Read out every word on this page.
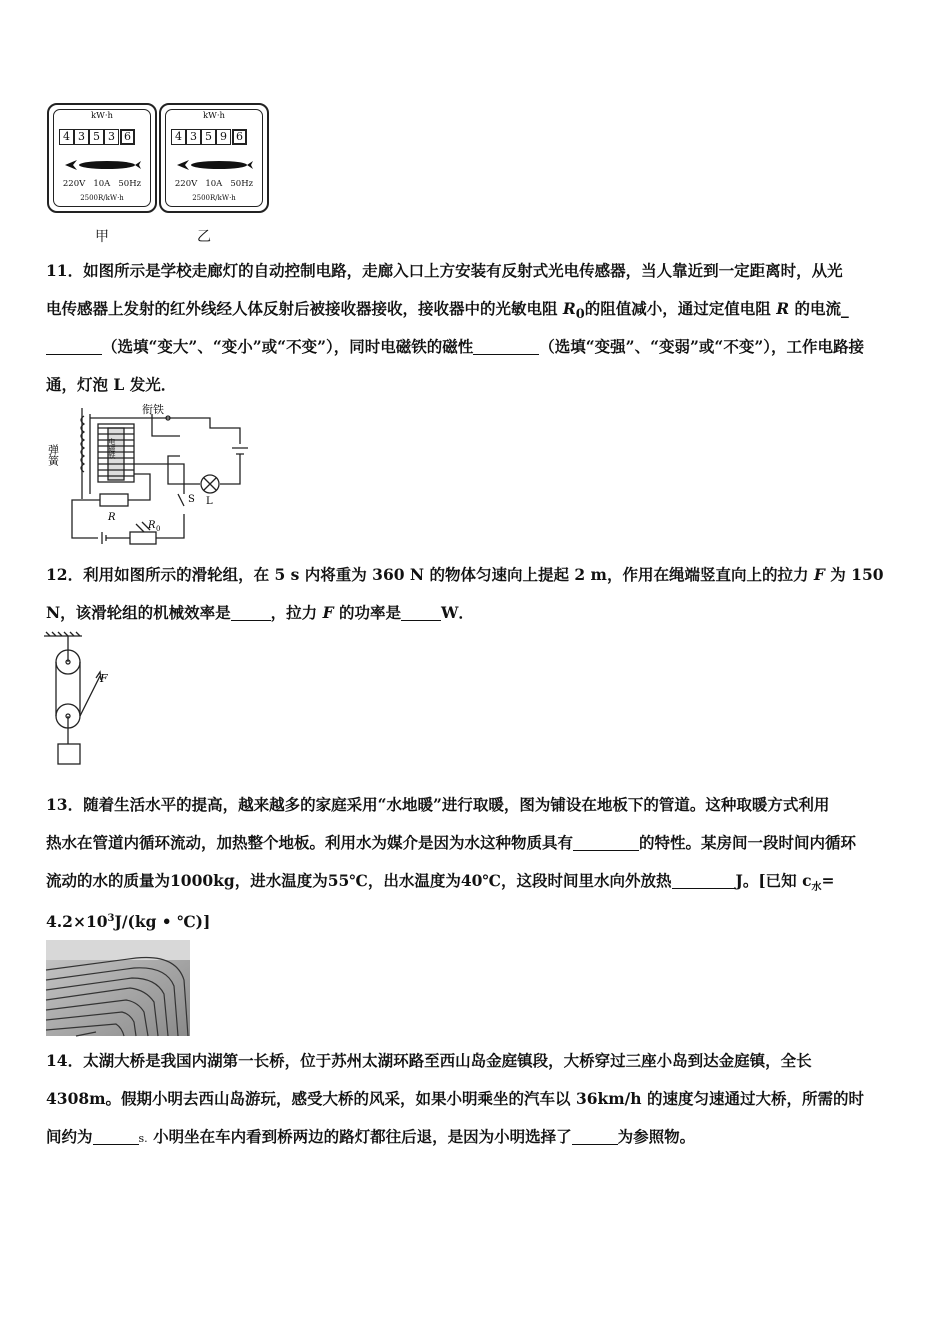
kW·h
4 3 5 3 6
220V   10A   50Hz
2500R/kW·h
kW·h
4 3 5 9 6
220V   10A   50Hz
2500R/kW·h
甲	乙
11．如图所示是学校走廊灯的自动控制电路，走廊入口上方安装有反射式光电传感器，当人靠近到一定距离时，从光
电传感器上发射的红外线经人体反射后被接收器接收，接收器中的光敏电阻 $R_0$的阻值减小，通过定值电阻 R 的电流_
（选填“变大”、“变小”或“不变”），同时电磁铁的磁性	（选填“变强”、“变弱”或“不变”），工作电路接
通，灯泡 L 发光．
衔铁
弹簧	电磁铁
L
S
R
R 0
12．利用如图所示的滑轮组，在 5 s 内将重为 360 N 的物体匀速向上提起 2 m，作用在绳端竖直向上的拉力 F 为 150
N，该滑轮组的机械效率是	，拉力 F 的功率是	W．
F
13．随着生活水平的提高，越来越多的家庭采用“水地暖”进行取暖，图为铺设在地板下的管道。这种取暖方式利用
热水在管道内循环流动，加热整个地板。利用水为媒介是因为水这种物质具有	的特性。某房间一段时间内循环
流动的水的质量为1000kg，进水温度为55℃，出水温度为40℃，这段时间里水向外放热	J。[已知 $c_水=$
$4.2\times 10^3J/(kg$ • ℃)]
14．太湖大桥是我国内湖第一长桥，位于苏州太湖环路至西山岛金庭镇段，大桥穿过三座小岛到达金庭镇，全长
4308m。假期小明去西山岛游玩，感受大桥的风采，如果小明乘坐的汽车以 36km/h 的速度匀速通过大桥，所需的时
间约为	s. 小明坐在车内看到桥两边的路灯都往后退，是因为小明选择了	为参照物。
